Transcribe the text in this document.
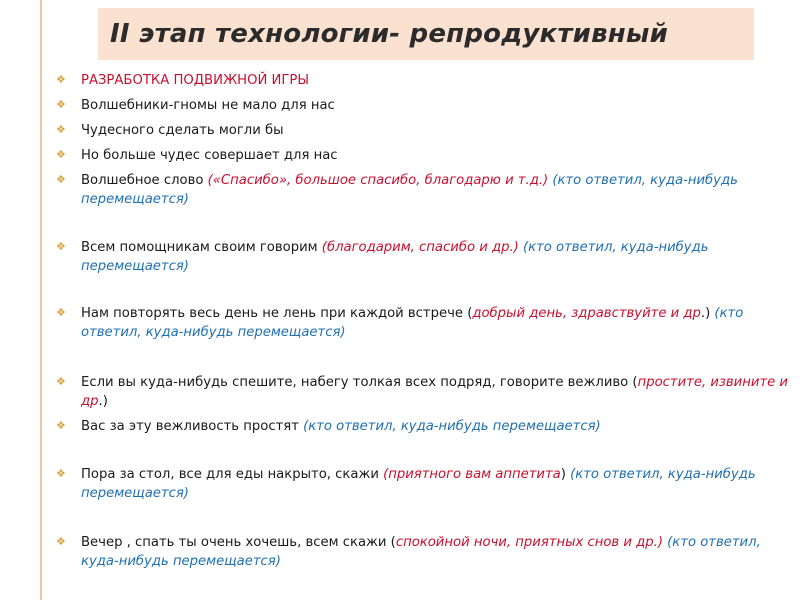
II этап технологии- репродуктивный
❖
❖
❖
❖
❖
❖
❖
❖
❖
❖
❖
РАЗРАБОТКА ПОДВИЖНОЙ ИГРЫ
Волшебники-гномы не мало для нас
Чудесного сделать могли бы
Но больше чудес совершает для нас
Волшебное слово («Спасибо», большое спасибо, благодарю и т.д.) (кто ответил, куда-нибудь
перемещается)
Всем помощникам своим говорим (благодарим, спасибо и др.) (кто ответил, куда-нибудь
перемещается)
Нам повторять весь день не лень при каждой встрече (добрый день, здравствуйте и др.) (кто
ответил, куда-нибудь перемещается)
Если вы куда-нибудь спешите, набегу толкая всех подряд, говорите вежливо (простите, извините и
др.)
Вас за эту вежливость простят (кто ответил, куда-нибудь перемещается)
Пора за стол, все для еды накрыто, скажи (приятного вам аппетита) (кто ответил, куда-нибудь
перемещается)
Вечер , спать ты очень хочешь, всем скажи (спокойной ночи, приятных снов и др.) (кто ответил,
куда-нибудь перемещается)
